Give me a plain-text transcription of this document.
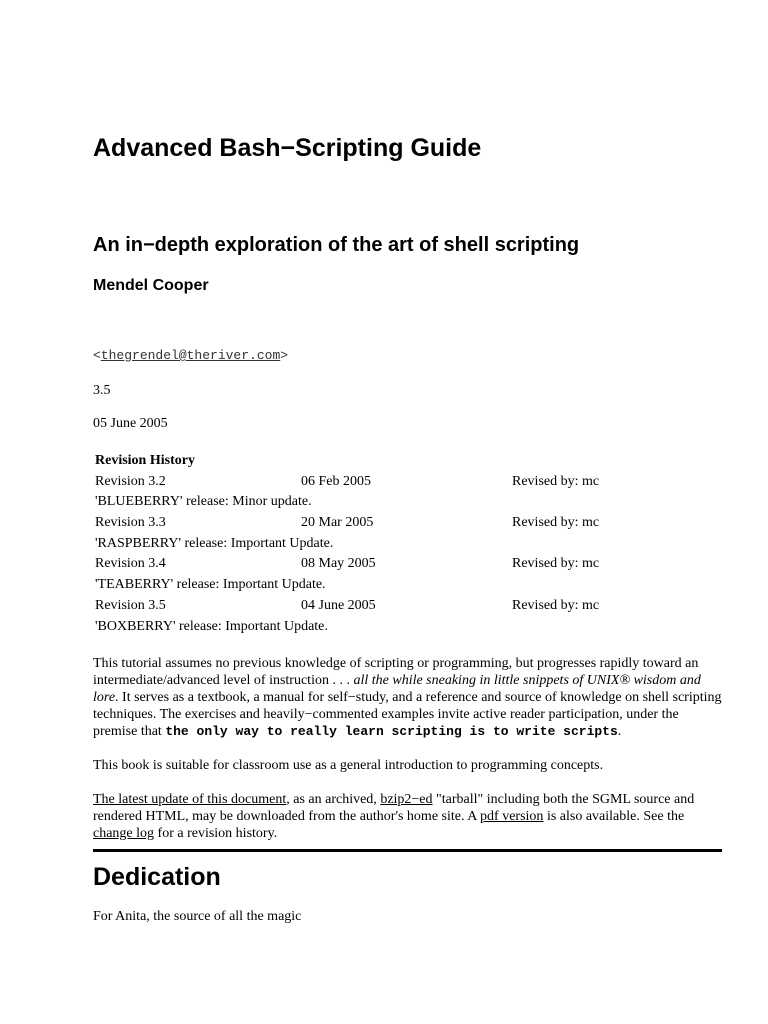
Advanced Bash−Scripting Guide
An in−depth exploration of the art of shell scripting
Mendel Cooper
<thegrendel@theriver.com>
3.5
05 June 2005
Revision History		
Revision 3.2	06 Feb 2005	Revised by: mc
'BLUEBERRY' release: Minor update.		
Revision 3.3	20 Mar 2005	Revised by: mc
'RASPBERRY' release: Important Update.		
Revision 3.4	08 May 2005	Revised by: mc
'TEABERRY' release: Important Update.		
Revision 3.5	04 June 2005	Revised by: mc
'BOXBERRY' release: Important Update.		

This tutorial assumes no previous knowledge of scripting or programming, but progresses rapidly toward an intermediate/advanced level of instruction . . . all the while sneaking in little snippets of UNIX® wisdom and lore. It serves as a textbook, a manual for self−study, and a reference and source of knowledge on shell scripting techniques. The exercises and heavily−commented examples invite active reader participation, under the premise that the only way to really learn scripting is to write scripts.

This book is suitable for classroom use as a general introduction to programming concepts.

The latest update of this document, as an archived, bzip2−ed "tarball" including both the SGML source and rendered HTML, may be downloaded from the author's home site. A pdf version is also available. See the change log for a revision history.

Dedication
For Anita, the source of all the magic
